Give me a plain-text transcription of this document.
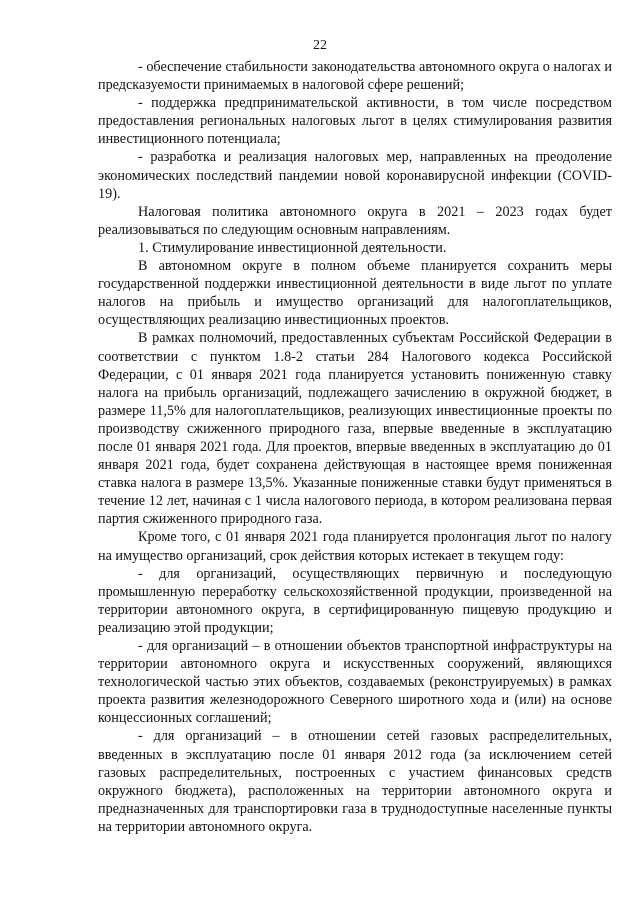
22

- обеспечение стабильности законодательства автономного округа о налогах и предсказуемости принимаемых в налоговой сфере решений;

- поддержка предпринимательской активности, в том числе посредством предоставления региональных налоговых льгот в целях стимулирования развития инвестиционного потенциала;

- разработка и реализация налоговых мер, направленных на преодоление экономических последствий пандемии новой коронавирусной инфекции (COVID-19).

Налоговая политика автономного округа в 2021 – 2023 годах будет реализовываться по следующим основным направлениям.

1. Стимулирование инвестиционной деятельности.

В автономном округе в полном объеме планируется сохранить меры государственной поддержки инвестиционной деятельности в виде льгот по уплате налогов на прибыль и имущество организаций для налогоплательщиков, осуществляющих реализацию инвестиционных проектов.

В рамках полномочий, предоставленных субъектам Российской Федерации в соответствии с пунктом 1.8-2 статьи 284 Налогового кодекса Российской Федерации, с 01 января 2021 года планируется установить пониженную ставку налога на прибыль организаций, подлежащего зачислению в окружной бюджет, в размере 11,5% для налогоплательщиков, реализующих инвестиционные проекты по производству сжиженного природного газа, впервые введенные в эксплуатацию после 01 января 2021 года. Для проектов, впервые введенных в эксплуатацию до 01 января 2021 года, будет сохранена действующая в настоящее время пониженная ставка налога в размере 13,5%. Указанные пониженные ставки будут применяться в течение 12 лет, начиная с 1 числа налогового периода, в котором реализована первая партия сжиженного природного газа.

Кроме того, с 01 января 2021 года планируется пролонгация льгот по налогу на имущество организаций, срок действия которых истекает в текущем году:

- для организаций, осуществляющих первичную и последующую промышленную переработку сельскохозяйственной продукции, произведенной на территории автономного округа, в сертифицированную пищевую продукцию и реализацию этой продукции;

- для организаций – в отношении объектов транспортной инфраструктуры на территории автономного округа и искусственных сооружений, являющихся технологической частью этих объектов, создаваемых (реконструируемых) в рамках проекта развития железнодорожного Северного широтного хода и (или) на основе концессионных соглашений;

- для организаций – в отношении сетей газовых распределительных, введенных в эксплуатацию после 01 января 2012 года (за исключением сетей газовых распределительных, построенных с участием финансовых средств окружного бюджета), расположенных на территории автономного округа и предназначенных для транспортировки газа в труднодоступные населенные пункты на территории автономного округа.
